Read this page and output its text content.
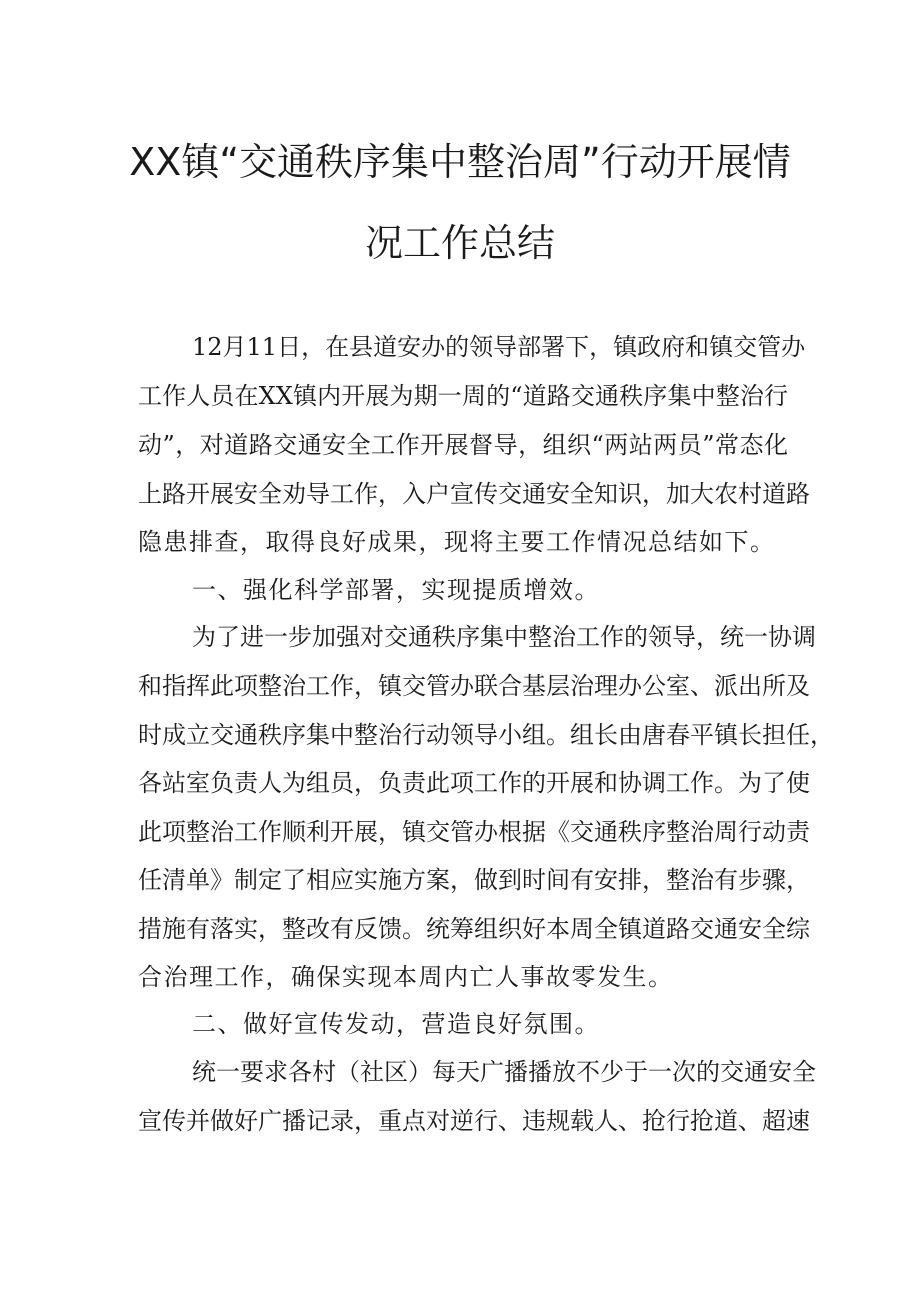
XX镇“交通秩序集中整治周”行动开展情
况工作总结
12月11日，在县道安办的领导部署下，镇政府和镇交管办
工作人员在XX镇内开展为期一周的“道路交通秩序集中整治行
动”，对道路交通安全工作开展督导，组织“两站两员”常态化
上路开展安全劝导工作，入户宣传交通安全知识，加大农村道路
隐患排查，取得良好成果，现将主要工作情况总结如下。
一、强化科学部署，实现提质增效。
为了进一步加强对交通秩序集中整治工作的领导，统一协调
和指挥此项整治工作，镇交管办联合基层治理办公室、派出所及
时成立交通秩序集中整治行动领导小组。组长由唐春平镇长担任，
各站室负责人为组员，负责此项工作的开展和协调工作。为了使
此项整治工作顺利开展，镇交管办根据《交通秩序整治周行动责
任清单》制定了相应实施方案，做到时间有安排，整治有步骤，
措施有落实，整改有反馈。统筹组织好本周全镇道路交通安全综
合治理工作，确保实现本周内亡人事故零发生。
二、做好宣传发动，营造良好氛围。
统一要求各村（社区）每天广播播放不少于一次的交通安全
宣传并做好广播记录，重点对逆行、违规载人、抢行抢道、超速
